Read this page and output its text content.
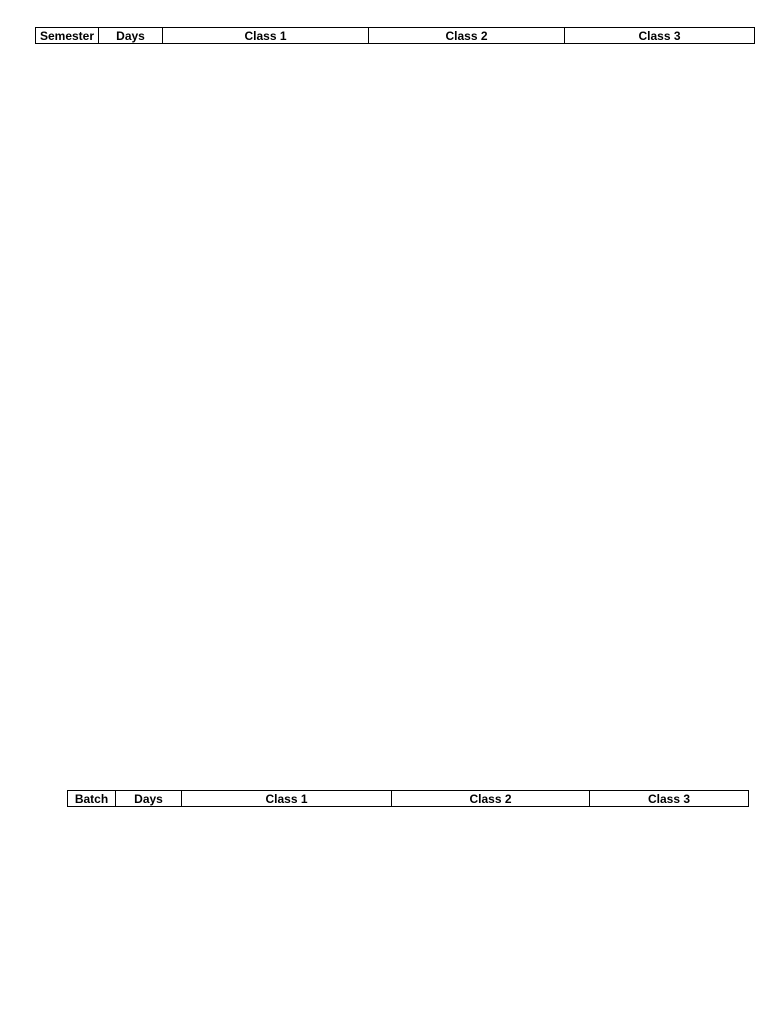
Semester	Days	Class 1	Class 2	Class 3
Batch	Days	Class 1	Class 2	Class 3
